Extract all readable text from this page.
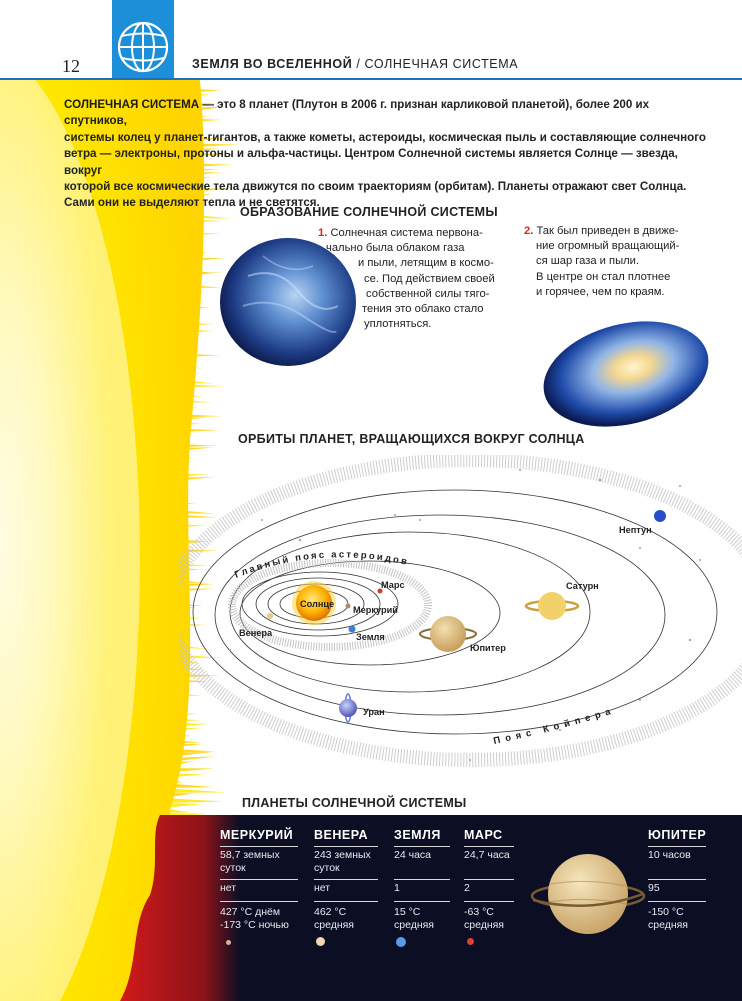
12	ЗЕМЛЯ ВО ВСЕЛЕННОЙ / СОЛНЕЧНАЯ СИСТЕМА
СОЛНЕЧНАЯ СИСТЕМА — это 8 планет (Плутон в 2006 г. признан карликовой планетой), более 200 их спутников,
системы колец у планет-гигантов, а также кометы, астероиды, космическая пыль и составляющие солнечного
ветра — электроны, протоны и альфа-частицы. Центром Солнечной системы является Солнце — звезда, вокруг
которой все космические тела движутся по своим траекториям (орбитам). Планеты отражают свет Солнца.
Сами они не выделяют тепла и не светятся.
ОБРАЗОВАНИЕ СОЛНЕЧНОЙ СИСТЕМЫ
1. Солнечная система первона-
чально была облаком газа
и пыли, летящим в космо-
се. Под действием своей
собственной силы тяго-
тения это облако стало
уплотняться.
2. Так был приведен в движе-
ние огромный вращающий-
ся шар газа и пыли.
В центре он стал плотнее
и горячее, чем по краям.
ОРБИТЫ ПЛАНЕТ, ВРАЩАЮЩИХСЯ ВОКРУГ СОЛНЦА
Главный пояс астероидов
Пояс Койпера
Солнце
Меркурий
Венера	Земля
Марс
Юпитер
Сатурн
Уран
Нептун
ПЛАНЕТЫ СОЛНЕЧНОЙ СИСТЕМЫ
МЕРКУРИЙ
58,7 земных
суток
нет
427 °С днём
-173 °С ночью
ВЕНЕРА
243 земных
суток
нет
462 °С
средняя
ЗЕМЛЯ
24 часа

1
15 °С
средняя
МАРС
24,7 часа

2
-63 °С
средняя
ЮПИТЕР
10 часов

95
-150 °С
средняя
